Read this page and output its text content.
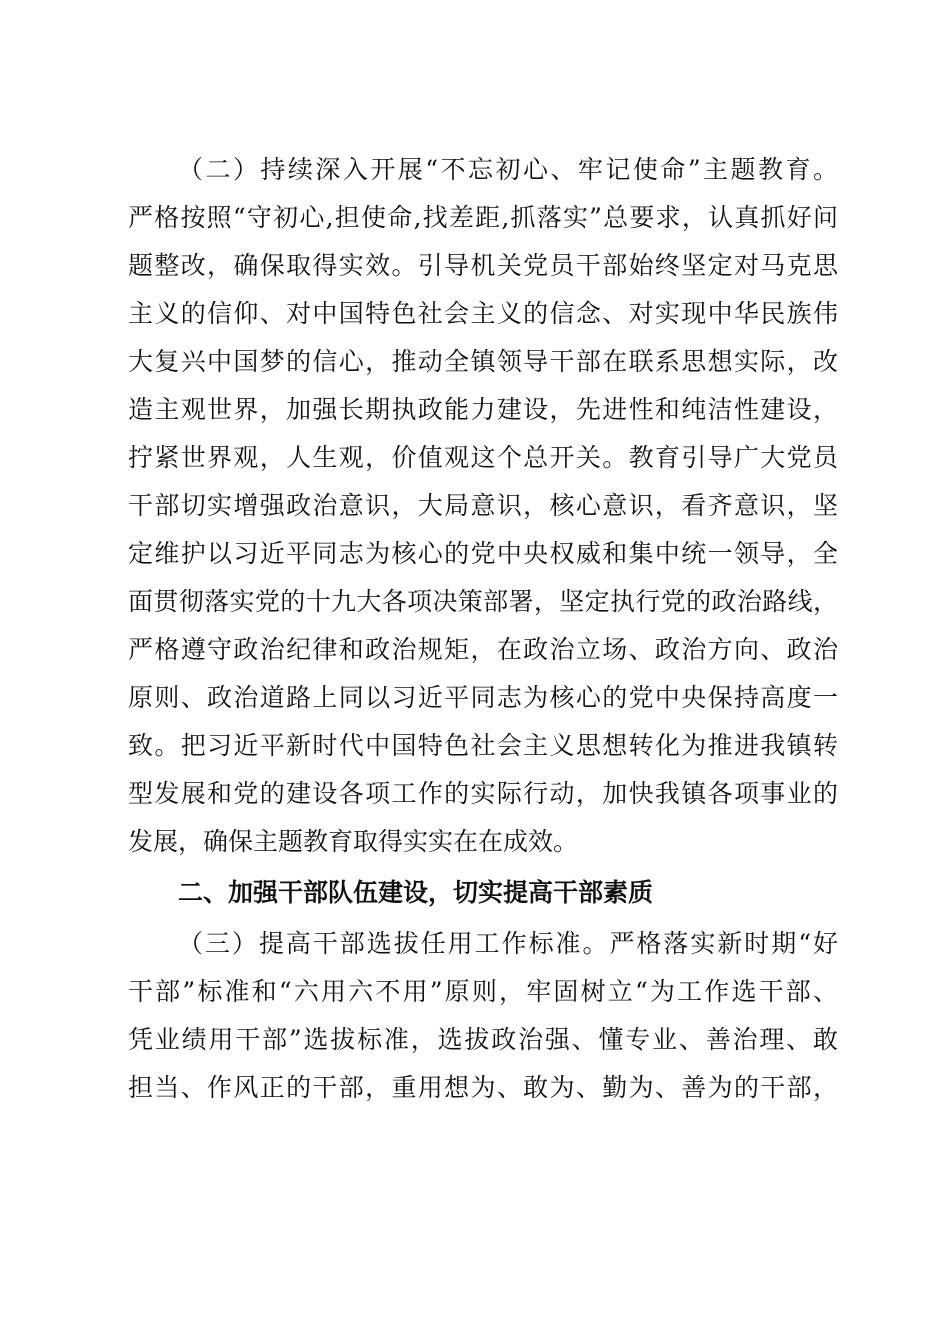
（二）持续深入开展“不忘初心、牢记使命”主题教育。
严格按照“守初心,担使命,找差距,抓落实”总要求，认真抓好问
题整改，确保取得实效。引导机关党员干部始终坚定对马克思
主义的信仰、对中国特色社会主义的信念、对实现中华民族伟
大复兴中国梦的信心，推动全镇领导干部在联系思想实际，改
造主观世界，加强长期执政能力建设，先进性和纯洁性建设，
拧紧世界观，人生观，价值观这个总开关。教育引导广大党员
干部切实增强政治意识，大局意识，核心意识，看齐意识，坚
定维护以习近平同志为核心的党中央权威和集中统一领导，全
面贯彻落实党的十九大各项决策部署，坚定执行党的政治路线，
严格遵守政治纪律和政治规矩，在政治立场、政治方向、政治
原则、政治道路上同以习近平同志为核心的党中央保持高度一
致。把习近平新时代中国特色社会主义思想转化为推进我镇转
型发展和党的建设各项工作的实际行动，加快我镇各项事业的
发展，确保主题教育取得实实在在成效。
二、加强干部队伍建设，切实提高干部素质
（三）提高干部选拔任用工作标准。严格落实新时期“好
干部”标准和“六用六不用”原则，牢固树立“为工作选干部、
凭业绩用干部”选拔标准，选拔政治强、懂专业、善治理、敢
担当、作风正的干部，重用想为、敢为、勤为、善为的干部，
